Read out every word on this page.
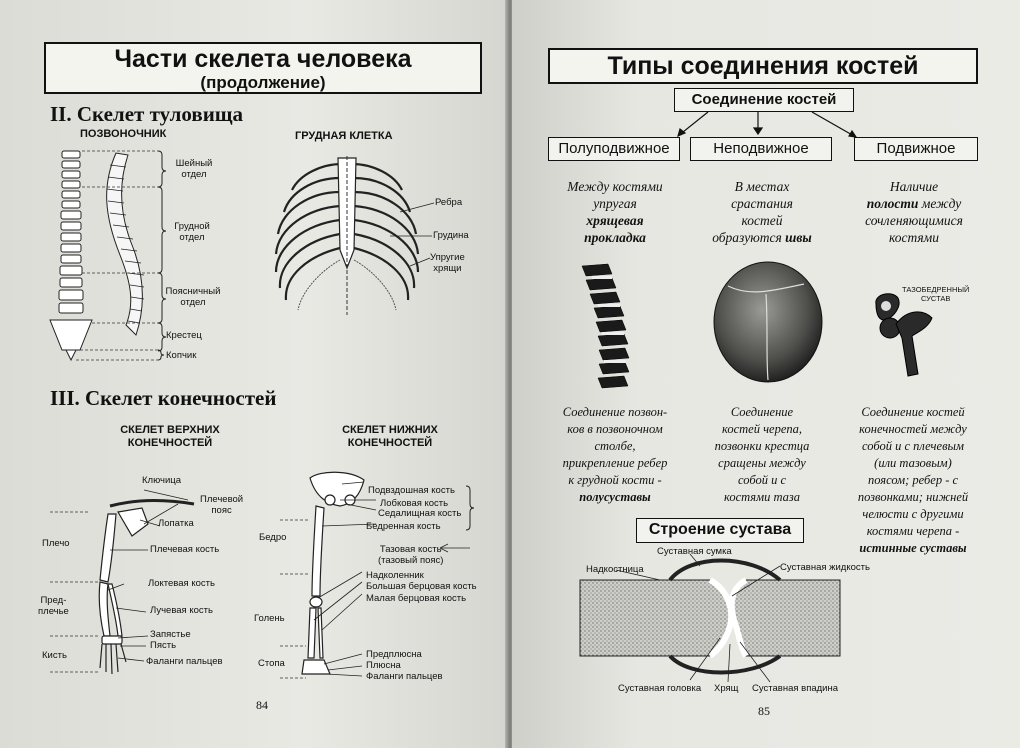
Части скелета человека
(продолжение)
II. Скелет туловища
ПОЗВОНОЧНИК	ГРУДНАЯ КЛЕТКА
Шейный
отдел
Грудной
отдел
Поясничный
отдел
Крестец
Копчик
Ребра
Грудина
Упругие
хрящи
III. Скелет конечностей
СКЕЛЕТ ВЕРХНИХ
КОНЕЧНОСТЕЙ
СКЕЛЕТ НИЖНИХ
КОНЕЧНОСТЕЙ
Ключица
Плечевой
пояс
Лопатка
Плечо
Плечевая кость
Локтевая кость
Пред-
плечье	Лучевая кость
Запястье
Пясть
Кисть
Фаланги пальцев
Подвздошная кость
Лобковая кость
Седалищная кость
Бедренная кость
Бедро
Тазовая кость
(тазовый пояс)
Надколенник
Большая берцовая кость
Малая берцовая кость
Голень
Предплюсна
Стопа	Плюсна
Фаланги пальцев
84
Типы соединения костей
Соединение костей
Полуподвижное	Неподвижное	Подвижное
Между костями
упругая
хрящевая
прокладка
В местах
срастания
костей
образуются швы
Наличие
полости между
сочленяющимися
костями
ТАЗОБЕДРЕННЫЙ
СУСТАВ
Соединение позвон-
ков в позвоночном
столбе,
прикрепление ребер
к грудной кости -
полусуставы
Соединение
костей черепа,
позвонки крестца
сращены между
собой и с
костями таза
Соединение костей
конечностей между
собой и с плечевым
(или тазовым)
поясом; ребер - с
позвонками; нижней
челюсти с другими
костями черепа -
истинные суставы
Строение сустава
Суставная сумка
Надкостница	Суставная жидкость
Суставная головка Хрящ Суставная впадина
85
